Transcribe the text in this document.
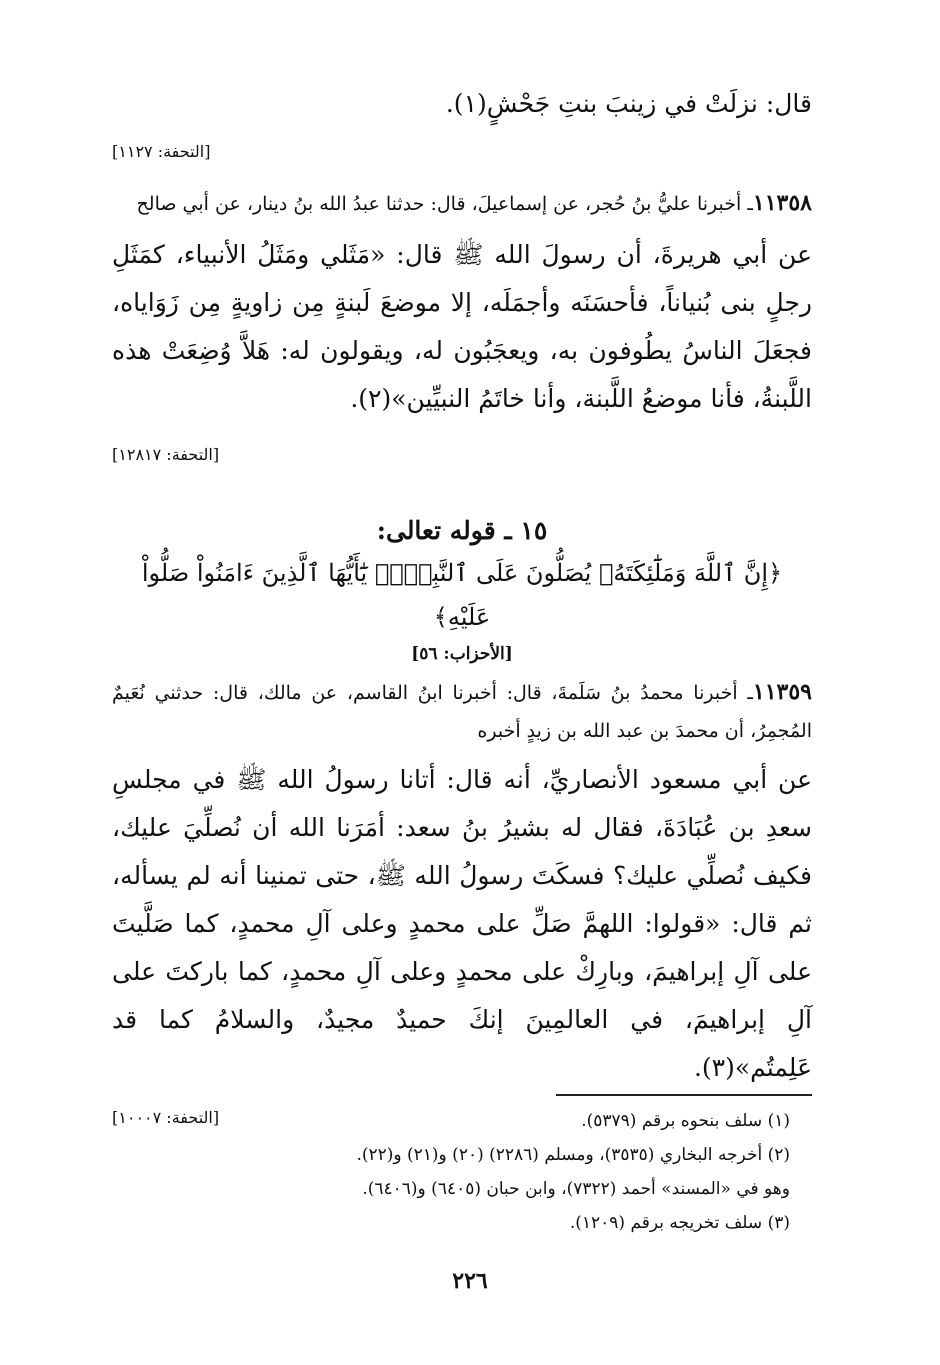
قال: نزلَتْ في زينبَ بنتِ جَحْشٍ(١).

[التحفة: ١١٢٧]

١١٣٥٨ـ أخبرنا عليُّ بنُ حُجر، عن إسماعيلَ، قال: حدثنا عبدُ الله بنُ دينار، عن أبي صالح
عن أبي هريرةَ، أن رسولَ الله ﷺ قال: «مَثَلي ومَثَلُ الأنبياء، كمَثَلِ رجلٍ بنى بُنياناً، فأحسَنَه وأجمَلَه، إلا موضعَ لَبنةٍ مِن زاويةٍ مِن زَوَاياه، فجعَلَ الناسُ يطُوفون به، ويعجَبُون له، ويقولون له: هَلاَّ وُضِعَتْ هذه اللَّبنةُ، فأنا موضعُ اللَّبنة، وأنا خاتَمُ النبيِّين»(٢).

[التحفة: ١٢٨١٧]

١٥ ـ قوله تعالى:
﴿إِنَّ ٱللَّهَ وَمَلَٰٓئِكَتَهُۥ يُصَلُّونَ عَلَى ٱلنَّبِيِّۚ يَٰٓأَيُّهَا ٱلَّذِينَ ءَامَنُواْ صَلُّواْ عَلَيْهِ﴾
[الأحزاب: ٥٦]
١١٣٥٩ـ أخبرنا محمدُ بنُ سَلَمةَ، قال: أخبرنا ابنُ القاسم، عن مالك، قال: حدثني نُعَيمٌ المُجمِرُ، أن محمدَ بن عبد الله بن زيدٍ أخبره
عن أبي مسعود الأنصاريِّ، أنه قال: أتانا رسولُ الله ﷺ في مجلسِ سعدِ بن عُبَادَةَ، فقال له بشيرُ بنُ سعد: أمَرَنا الله أن نُصلِّيَ عليك، فكيف نُصلِّي عليك؟ فسكَتَ رسولُ الله ﷺ، حتى تمنينا أنه لم يسأله، ثم قال: «قولوا: اللهمَّ صَلِّ على محمدٍ وعلى آلِ محمدٍ، كما صَلَّيتَ على آلِ إبراهيمَ، وبارِكْ على محمدٍ وعلى آلِ محمدٍ، كما باركتَ على آلِ إبراهيمَ، في العالمِينَ إنكَ حميدٌ مجيدٌ، والسلامُ كما قد عَلِمتُم»(٣).

[التحفة: ١٠٠٠٧]	(١) سلف بنحوه برقم (٥٣٧٩).
(٢) أخرجه البخاري (٣٥٣٥)، ومسلم (٢٢٨٦) (٢٠) و(٢١) و(٢٢).
وهو في «المسند» أحمد (٧٣٢٢)، وابن حبان (٦٤٠٥) و(٦٤٠٦).
(٣) سلف تخريجه برقم (١٢٠٩).
٢٢٦
